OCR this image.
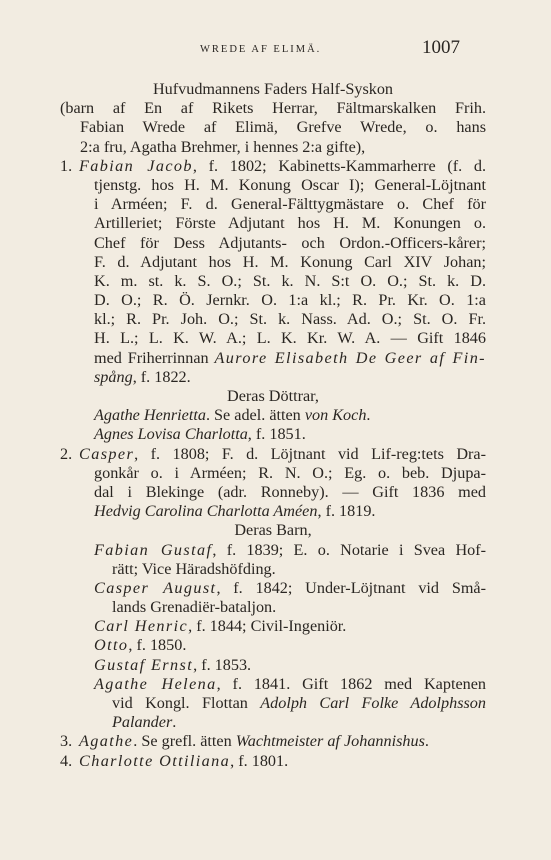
WREDE AF ELIMÄ.	1007
Hufvudmannens Faders Half-Syskon
(barn af En af Rikets Herrar, Fältmarskalken Frih.
Fabian Wrede af Elimä, Grefve Wrede, o. hans
2:a fru, Agatha Brehmer, i hennes 2:a gifte),
1. Fabian Jacob, f. 1802; Kabinetts-Kammarherre (f. d.
tjenstg. hos H. M. Konung Oscar I); General-Löjtnant
i Arméen; F. d. General-Fälttygmästare o. Chef för
Artilleriet; Förste Adjutant hos H. M. Konungen o.
Chef för Dess Adjutants- och Ordon.-Officers-kårer;
F. d. Adjutant hos H. M. Konung Carl XIV Johan;
K. m. st. k. S. O.; St. k. N. S:t O. O.; St. k. D.
D. O.; R. Ö. Jernkr. O. 1:a kl.; R. Pr. Kr. O. 1:a
kl.; R. Pr. Joh. O.; St. k. Nass. Ad. O.; St. O. Fr.
H. L.; L. K. W. A.; L. K. Kr. W. A. — Gift 1846
med Friherrinnan Aurore Elisabeth De Geer af Fin-
spång, f. 1822.
Deras Döttrar,
Agathe Henrietta. Se adel. ätten von Koch.
Agnes Lovisa Charlotta, f. 1851.
2. Casper, f. 1808; F. d. Löjtnant vid Lif-reg:tets Dra-
gonkår o. i Arméen; R. N. O.; Eg. o. beb. Djupa-
dal i Blekinge (adr. Ronneby). — Gift 1836 med
Hedvig Carolina Charlotta Améen, f. 1819.
Deras Barn,
Fabian Gustaf, f. 1839; E. o. Notarie i Svea Hof-
rätt; Vice Häradshöfding.
Casper August, f. 1842; Under-Löjtnant vid Små-
lands Grenadiër-bataljon.
Carl Henric, f. 1844; Civil-Ingeniör.
Otto, f. 1850.
Gustaf Ernst, f. 1853.
Agathe Helena, f. 1841. Gift 1862 med Kaptenen
vid Kongl. Flottan Adolph Carl Folke Adolphsson
Palander.
3. Agathe. Se grefl. ätten Wachtmeister af Johannishus.
4. Charlotte Ottiliana, f. 1801.
